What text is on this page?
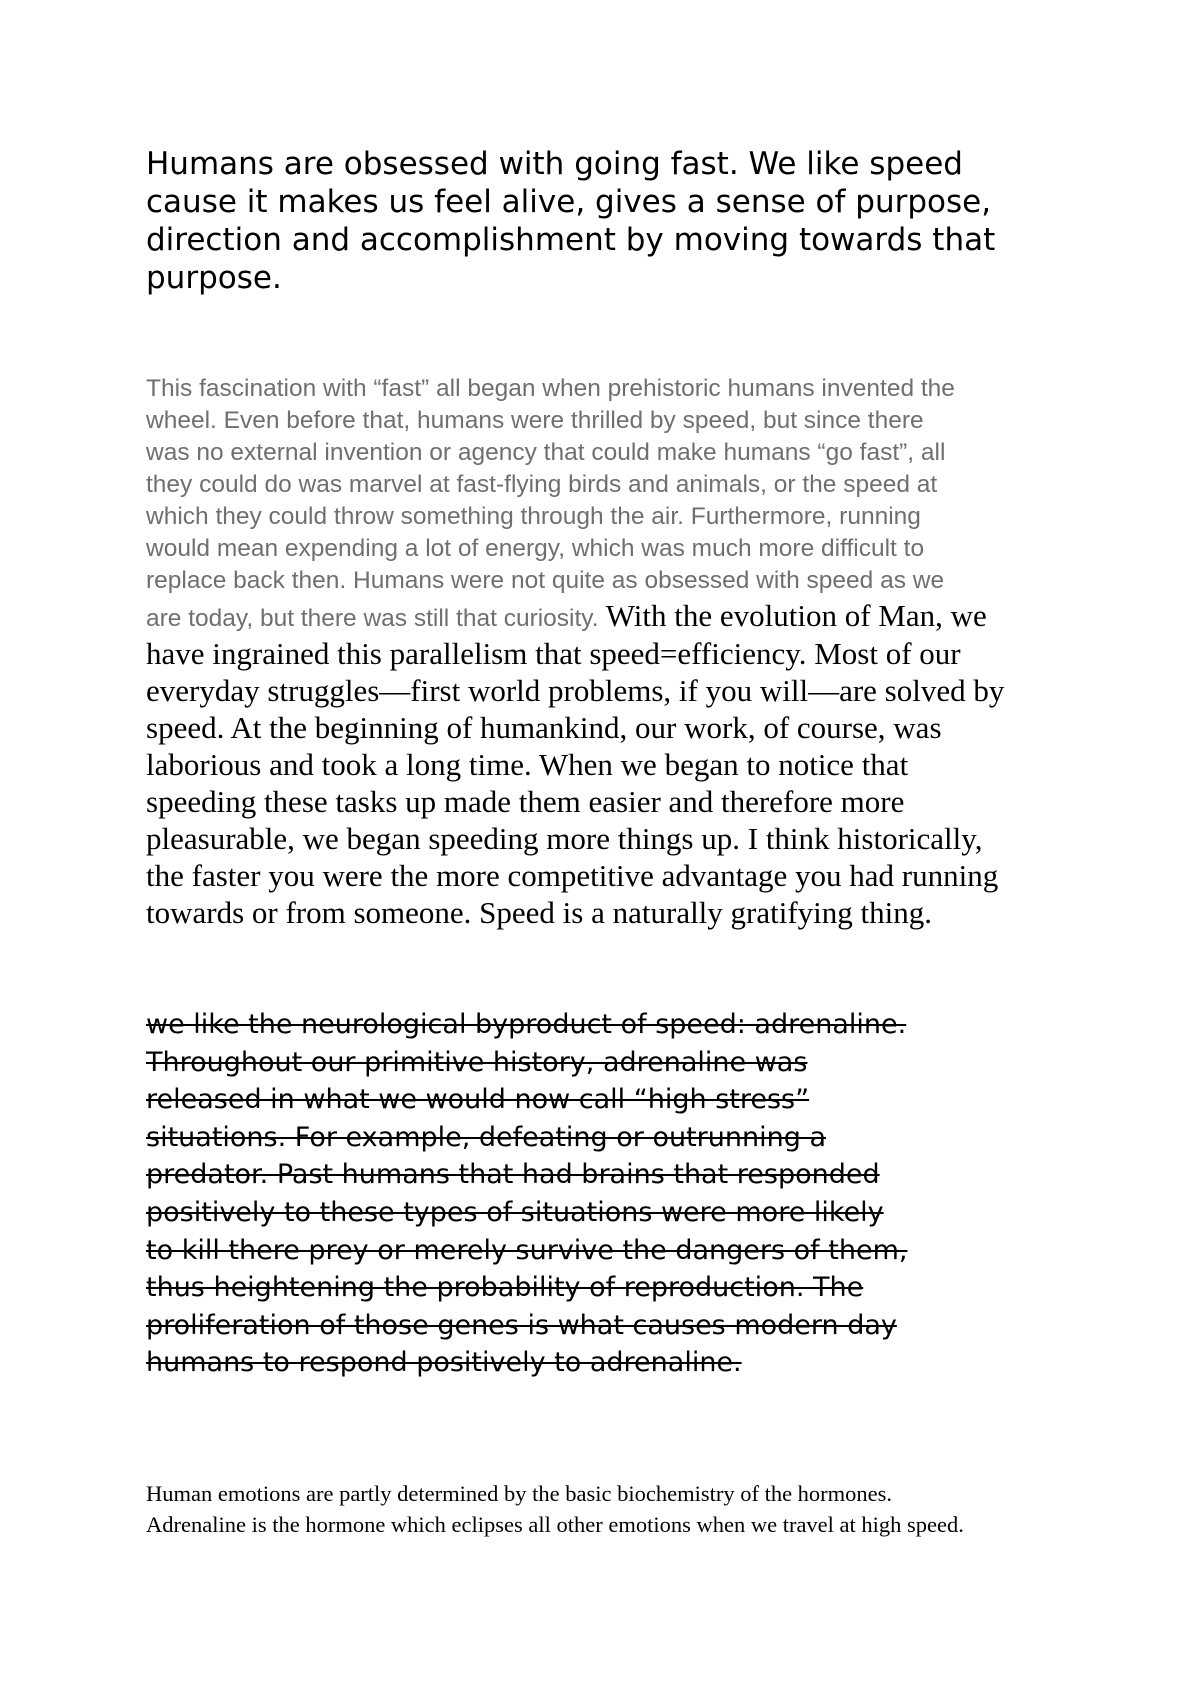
Humans are obsessed with going fast. We like speed
cause it makes us feel alive, gives a sense of purpose,
direction and accomplishment by moving towards that
purpose.
This fascination with “fast” all began when prehistoric humans invented the
wheel. Even before that, humans were thrilled by speed, but since there
was no external invention or agency that could make humans “go fast”, all
they could do was marvel at fast-flying birds and animals, or the speed at
which they could throw something through the air. Furthermore, running
would mean expending a lot of energy, which was much more difficult to
replace back then. Humans were not quite as obsessed with speed as we
are today, but there was still that curiosity. With the evolution of Man, we
have ingrained this parallelism that speed=efficiency. Most of our
everyday struggles—first world problems, if you will—are solved by
speed. At the beginning of humankind, our work, of course, was
laborious and took a long time. When we began to notice that
speeding these tasks up made them easier and therefore more
pleasurable, we began speeding more things up. I think historically,
the faster you were the more competitive advantage you had running
towards or from someone. Speed is a naturally gratifying thing.
we like the neurological byproduct of speed: adrenaline.
Throughout our primitive history, adrenaline was
released in what we would now call “high stress”
situations. For example, defeating or outrunning a
predator. Past humans that had brains that responded
positively to these types of situations were more likely
to kill there prey or merely survive the dangers of them,
thus heightening the probability of reproduction. The
proliferation of those genes is what causes modern day
humans to respond positively to adrenaline.
Human emotions are partly determined by the basic biochemistry of the hormones.
Adrenaline is the hormone which eclipses all other emotions when we travel at high speed.
